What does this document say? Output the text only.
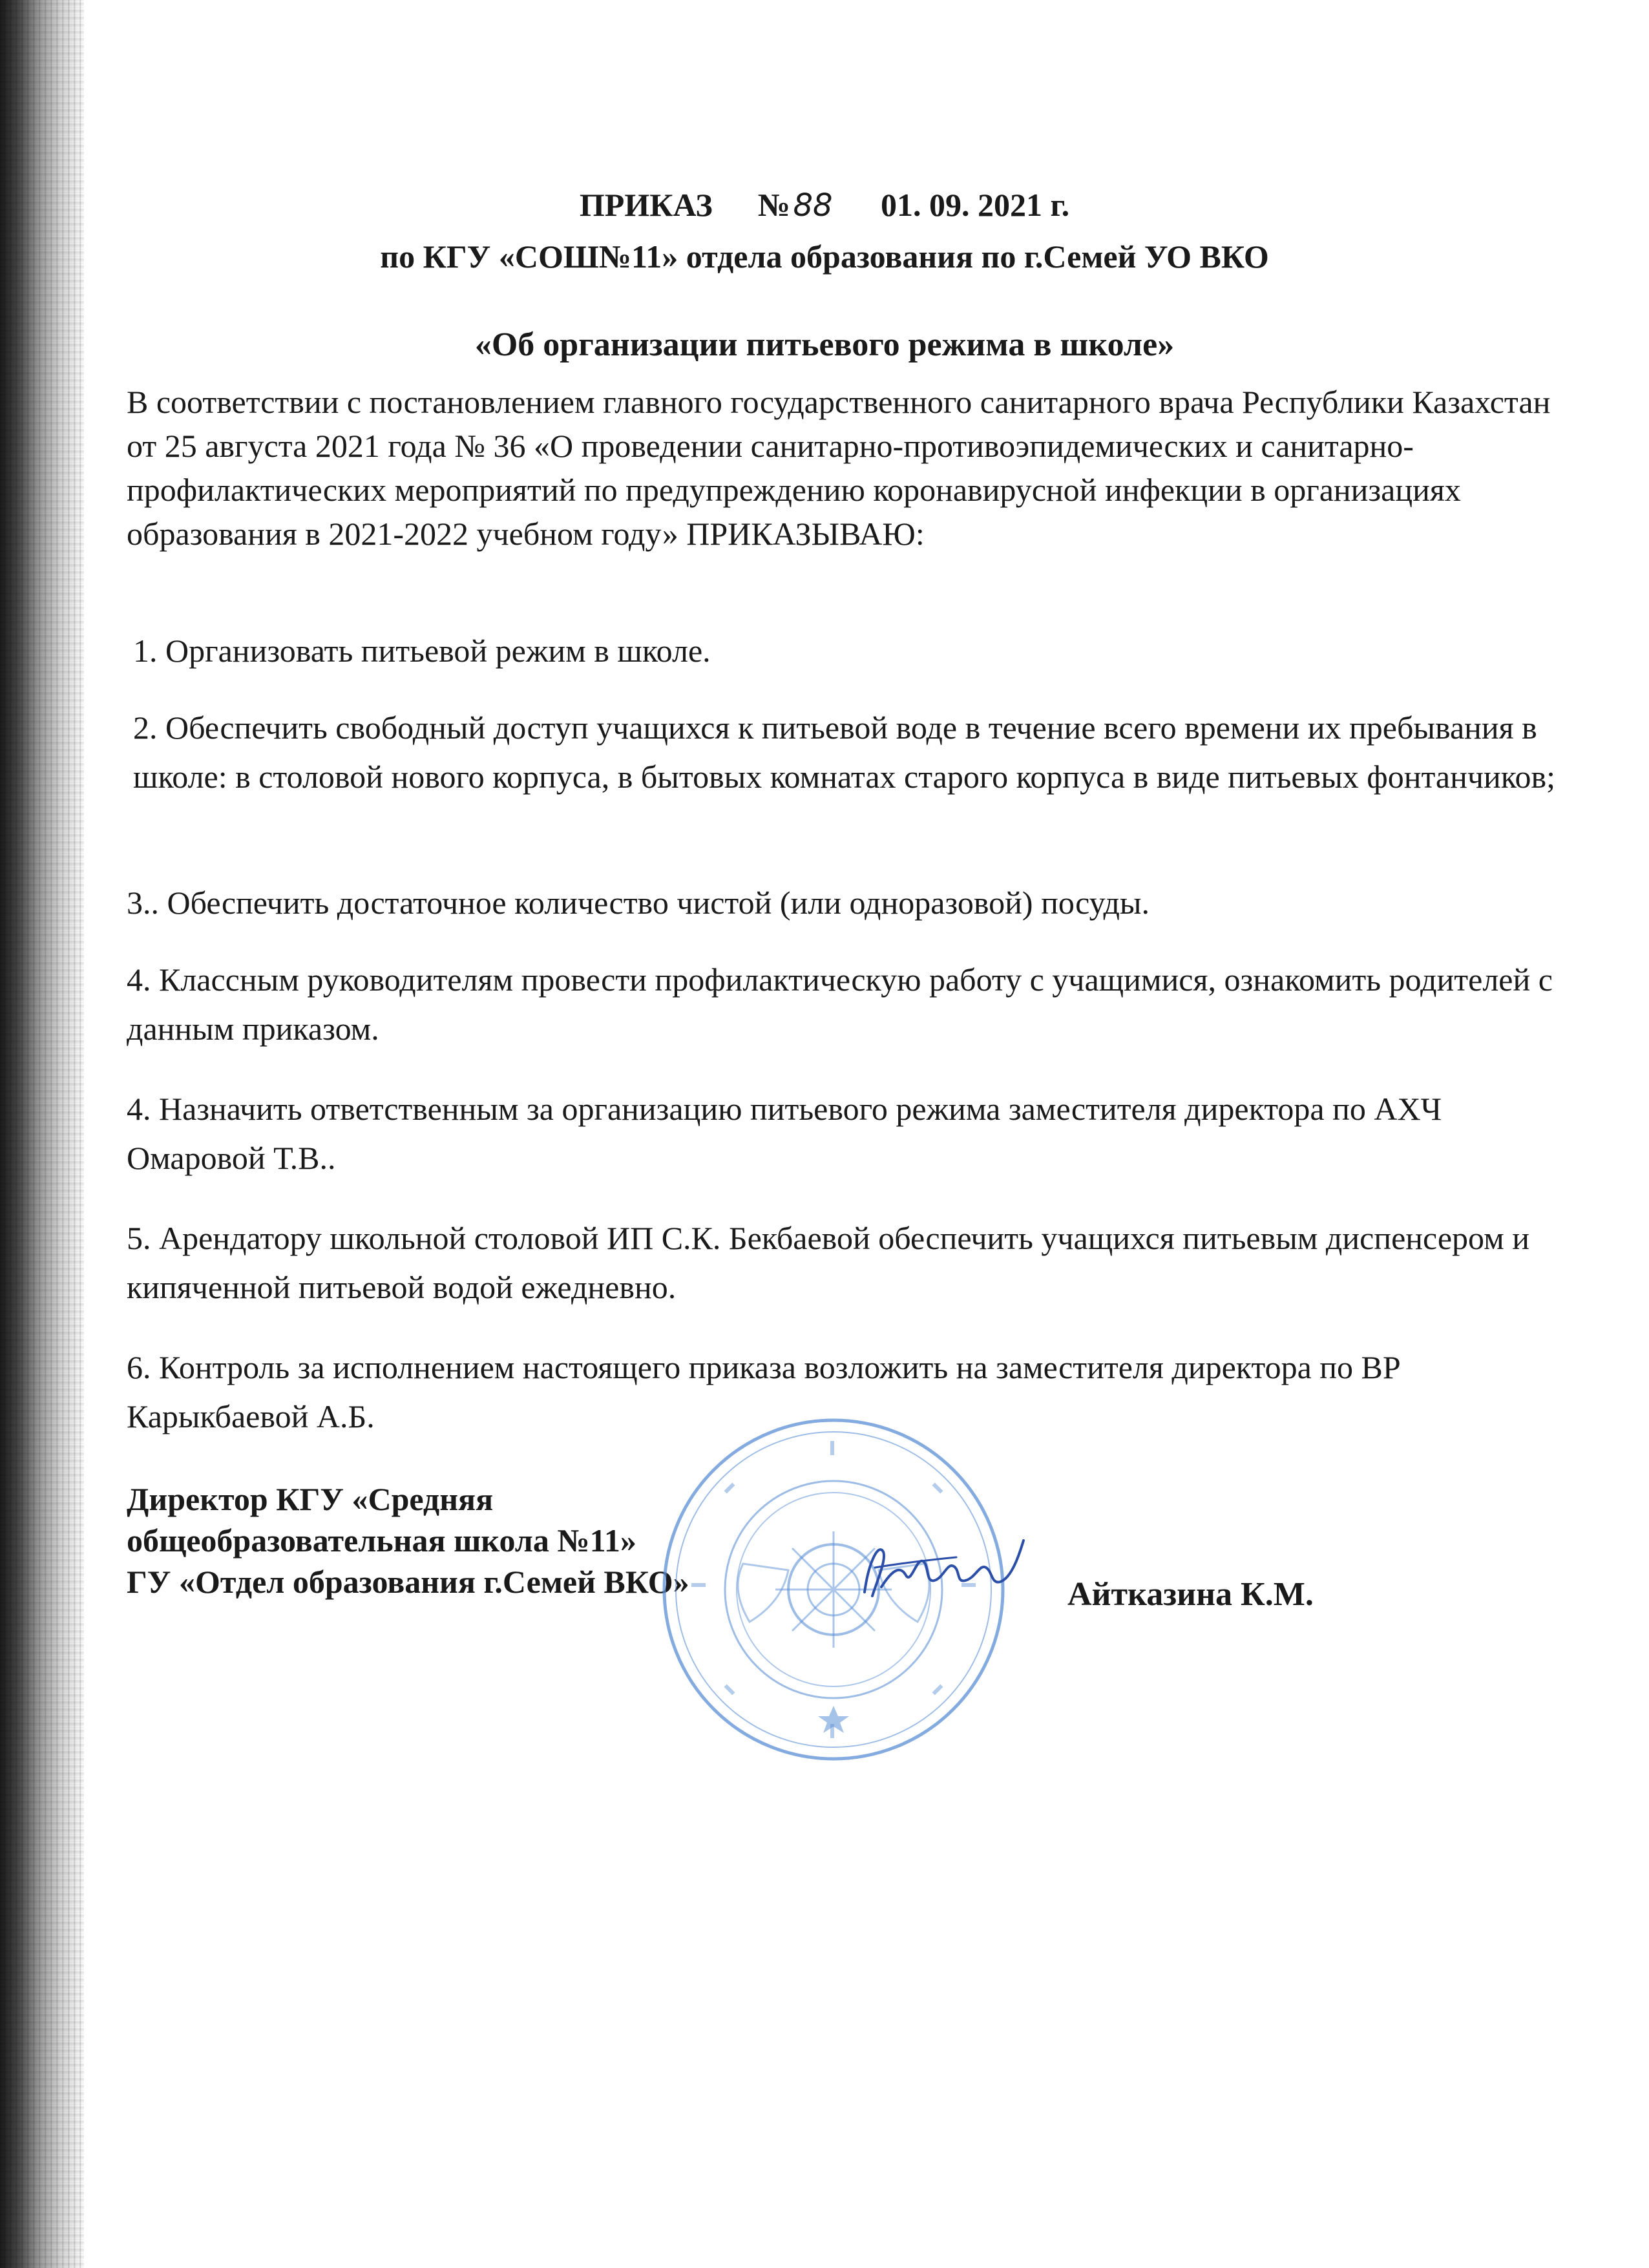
ПРИКАЗ №88 01. 09. 2021 г.
по КГУ «СОШ№11» отдела образования по г.Семей УО ВКО
«Об организации питьевого режима в школе»
В соответствии с постановлением главного государственного санитарного врача Республики Казахстан от 25 августа 2021 года № 36 «О проведении санитарно-противоэпидемических и санитарно-профилактических мероприятий по предупреждению коронавирусной инфекции в организациях образования в 2021-2022 учебном году» ПРИКАЗЫВАЮ:

1. Организовать питьевой режим в школе.

2. Обеспечить свободный доступ учащихся к питьевой воде в течение всего времени их пребывания в школе: в столовой нового корпуса, в бытовых комнатах старого корпуса в виде питьевых фонтанчиков;

3.. Обеспечить достаточное количество чистой (или одноразовой) посуды.

4. Классным руководителям провести профилактическую работу с учащимися, ознакомить родителей с данным приказом.

4. Назначить ответственным за организацию питьевого режима заместителя директора по АХЧ Омаровой Т.В..

5. Арендатору школьной столовой ИП С.К. Бекбаевой обеспечить учащихся питьевым диспенсером и кипяченной питьевой водой ежедневно.

6. Контроль за исполнением настоящего приказа возложить на заместителя директора по ВР Карыкбаевой А.Б.

Директор КГУ «Средняя
общеобразовательная школа №11»
ГУ «Отдел образования г.Семей ВКО»	Айтказина К.М.
